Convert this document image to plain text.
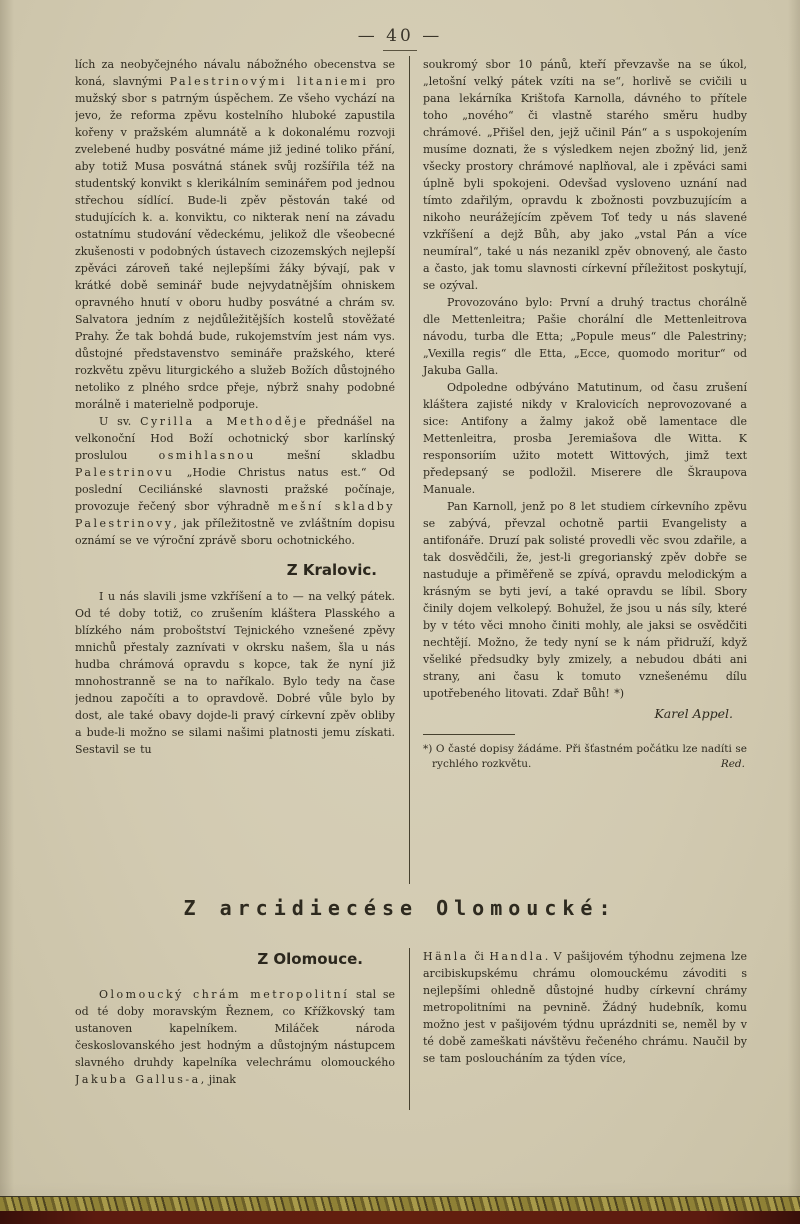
— 40 —

lích za neobyčejného návalu nábožného obecenstva se koná, slavnými Palestrinovými litaniemi pro mužský sbor s patrným úspěchem. Ze všeho vychází na jevo, že reforma zpěvu kostelního hluboké zapustila kořeny v pražském alumnátě a k dokonalému rozvoji zvelebené hudby posvátné máme již jediné toliko přání, aby totiž Musa posvátná stánek svůj rozšířila též na studentský konvikt s klerikálním seminářem pod jednou střechou sídlící. Bude-li zpěv pěstován také od studujících k. a. konviktu, co nikterak není na závadu ostatnímu studování vědeckému, jelikož dle všeobecné zkušenosti v podobných ústavech cizozemských nejlepší zpěváci zároveň také nejlepšími žáky bývají, pak v krátké době seminář bude nejvydatnějším ohniskem opravného hnutí v oboru hudby posvátné a chrám sv. Salvatora jedním z nejdůležitějších kostelů stověžaté Prahy. Že tak bohdá bude, rukojemstvím jest nám vys. důstojné představenstvo semináře pražského, které rozkvětu zpěvu liturgického a služeb Božích důstojného netoliko z plného srdce přeje, nýbrž snahy podobné morálně i materielně podporuje.

U sv. Cyrilla a Methoděje přednášel na velkonoční Hod Boží ochotnický sbor karlínský proslulou osmihlasnou mešní skladbu Palestrinovu „Hodie Christus natus est.“ Od poslední Ceciliánské slavnosti pražské počínaje, provozuje řečený sbor výhradně mešní skladby Palestrinovy, jak příležitostně ve zvláštním dopisu oznámí se ve výroční zprávě sboru ochotnického.

Z Kralovic.

I u nás slavili jsme vzkříšení a to — na velký pátek. Od té doby totiž, co zrušením kláštera Plasského a blízkého nám proboštství Tejnického vznešené zpěvy mnichů přestaly zaznívati v okrsku našem, šla u nás hudba chrámová opravdu s kopce, tak že nyní již mnohostranně se na to naříkalo. Bylo tedy na čase jednou započíti a to opravdově. Dobré vůle bylo by dost, ale také obavy dojde-li pravý církevní zpěv obliby a bude-li možno se silami našimi platnosti jemu získati. Sestavil se tu

soukromý sbor 10 pánů, kteří převzavše na se úkol, „letošní velký pátek vzíti na se“, horlivě se cvičili u pana lekárníka Krištofa Karnolla, dávného to přítele toho „nového“ či vlastně starého směru hudby chrámové. „Přišel den, jejž učinil Pán“ a s uspokojením musíme doznati, že s výsledkem nejen zbožný lid, jenž všecky prostory chrámové naplňoval, ale i zpěváci sami úplně byli spokojeni. Odevšad vysloveno uznání nad tímto zdařilým, opravdu k zbožnosti povzbuzujícím a nikoho neurážejícím zpěvem Toť tedy u nás slavené vzkříšení a dejž Bůh, aby jako „vstal Pán a více neumíral“, také u nás nezanikl zpěv obnovený, ale často a často, jak tomu slavnosti církevní příležitost poskytují, se ozýval.

Provozováno bylo: První a druhý tractus chorálně dle Mettenleitra; Pašie chorální dle Mettenleitrova návodu, turba dle Etta; „Popule meus“ dle Palestriny; „Vexilla regis“ dle Etta, „Ecce, quomodo moritur“ od Jakuba Galla.

Odpoledne odbýváno Matutinum, od času zrušení kláštera zajisté nikdy v Kralovicích neprovozované a sice: Antifony a žalmy jakož obě lamentace dle Mettenleitra, prosba Jeremiašova dle Witta. K responsoriím užito motett Wittových, jimž text předepsaný se podložil. Miserere dle Škraupova Manuale.

Pan Karnoll, jenž po 8 let studiem církevního zpěvu se zabývá, převzal ochotně partii Evangelisty a antifonáře. Druzí pak solisté provedli věc svou zdařile, a tak dosvědčili, že, jest-li gregorianský zpěv dobře se nastuduje a přiměřeně se zpívá, opravdu melodickým a krásným se byti jeví, a také opravdu se líbil. Sbory činily dojem velkolepý. Bohužel, že jsou u nás síly, které by v této věci mnoho činiti mohly, ale jaksi se osvědčiti nechtějí. Možno, že tedy nyní se k nám přidruží, když všeliké předsudky byly zmizely, a nebudou dbáti ani strany, ani času k tomuto vznešenému dílu upotřebeného litovati. Zdař Bůh! *)

Karel Appel.
*) O časté dopisy žádáme. Při šťastném počátku lze nadíti se rychlého rozkvětu.	Red.
Z arcidiecése Olomoucké:
Z Olomouce.

Olomoucký chrám metropolitní stal se od té doby moravským Řeznem, co Křížkovský tam ustanoven kapelníkem. Miláček národa českoslovanského jest hodným a důstojným nástupcem slavného druhdy kapelníka velechrámu olomouckého Jakuba Gallus-a, jinak

Hänla či Handla. V pašijovém týhodnu zejmena lze arcibiskupskému chrámu olomouckému závoditi s nejlepšími ohledně důstojné hudby církevní chrámy metropolitními na pevnině. Žádný hudebník, komu možno jest v pašijovém týdnu uprázdniti se, neměl by v té době zameškati návštěvu řečeného chrámu. Naučil by se tam posloucháním za týden více,
